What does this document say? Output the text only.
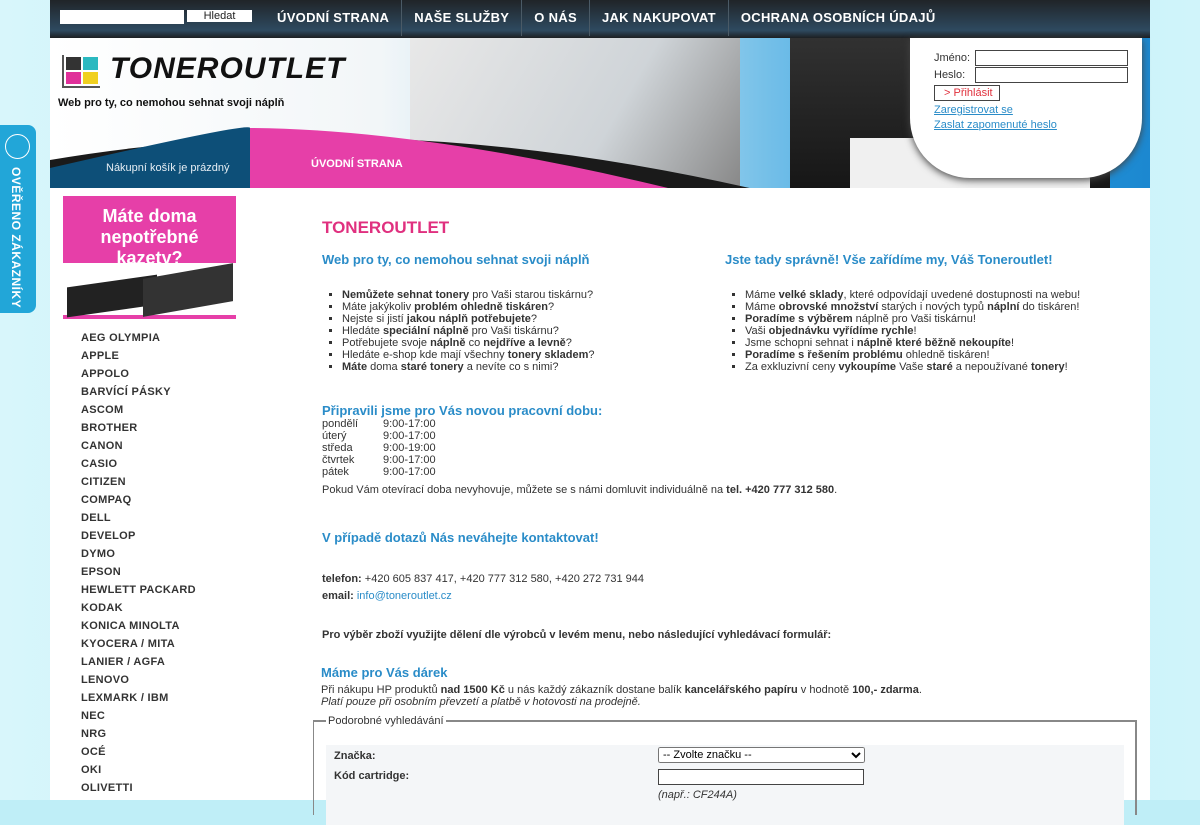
OVĚŘENO ZÁKAZNÍKY
Hledat	ÚVODNÍ STRANA	NAŠE SLUŽBY	O NÁS	JAK NAKUPOVAT	OCHRANA OSOBNÍCH ÚDAJŮ
TONEROUTLET
Web pro ty, co nemohou sehnat svoji náplň
Nákupní košík je prázdný	ÚVODNÍ STRANA
Jméno:
Heslo:
> Přihlásit
Zaregistrovat se
Zaslat zapomenuté heslo
Máte doma nepotřebné kazety?
AEG OLYMPIA
APPLE
APPOLO
BARVÍCÍ PÁSKY
ASCOM
BROTHER
CANON
CASIO
CITIZEN
COMPAQ
DELL
DEVELOP
DYMO
EPSON
HEWLETT PACKARD
KODAK
KONICA MINOLTA
KYOCERA / MITA
LANIER / AGFA
LENOVO
LEXMARK / IBM
NEC
NRG
OCÉ
OKI
OLIVETTI
TONEROUTLET
Web pro ty, co nemohou sehnat svoji náplň
▪ Nemůžete sehnat tonery pro Vaši starou tiskárnu?
▪ Máte jakýkoliv problém ohledně tiskáren?
▪ Nejste si jistí jakou náplň potřebujete?
▪ Hledáte speciální náplně pro Vaši tiskárnu?
▪ Potřebujete svoje náplně co nejdříve a levně?
▪ Hledáte e-shop kde mají všechny tonery skladem?
▪ Máte doma staré tonery a nevíte co s nimi?
Jste tady správně! Vše zařídíme my, Váš Toneroutlet!
▪ Máme velké sklady, které odpovídají uvedené dostupnosti na webu!
▪ Máme obrovské množství starých i nových typů náplní do tiskáren!
▪ Poradíme s výběrem náplně pro Vaši tiskárnu!
▪ Vaši objednávku vyřídíme rychle!
▪ Jsme schopni sehnat i náplně které běžně nekoupíte!
▪ Poradíme s řešením problému ohledně tiskáren!
▪ Za exkluzivní ceny vykoupíme Vaše staré a nepoužívané tonery!
Připravili jsme pro Vás novou pracovní dobu:
pondělí	9:00-17:00
úterý	9:00-17:00
středa	9:00-19:00
čtvrtek	9:00-17:00
pátek	9:00-17:00

Pokud Vám otevírací doba nevyhovuje, můžete se s námi domluvit individuálně na tel. +420 777 312 580.

V případě dotazů Nás neváhejte kontaktovat!

telefon: +420 605 837 417, +420 777 312 580, +420 272 731 944
email: info@toneroutlet.cz

Pro výběr zboží využijte dělení dle výrobců v levém menu, nebo následující vyhledávací formulář:

Máme pro Vás dárek

Při nákupu HP produktů nad 1500 Kč u nás každý zákazník dostane balík kancelářského papíru v hodnotě 100,- zdarma.

Platí pouze při osobním převzetí a platbě v hotovosti na prodejně.

Podorobné vyhledávání
Značka:
-- Zvolte značku --
Kód cartridge:
(např.: CF244A)
